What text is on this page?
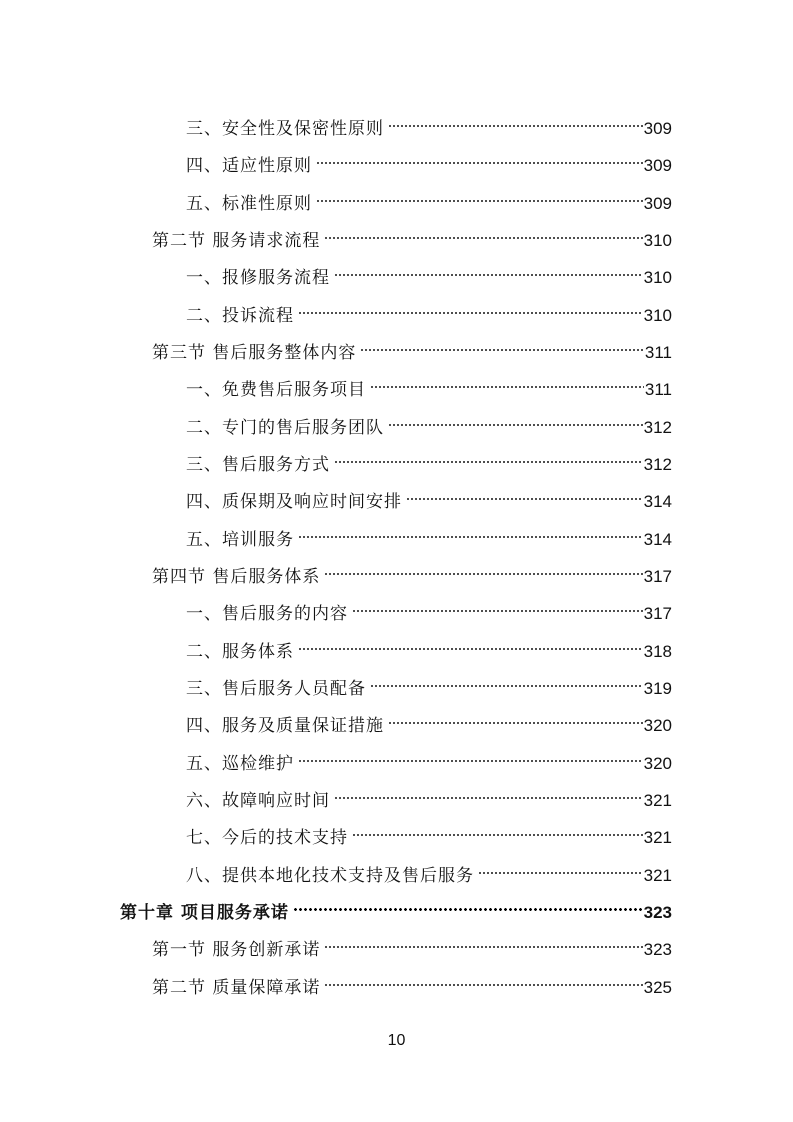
三、安全性及保密性原则	309
四、适应性原则	309
五、标准性原则	309
第二节 服务请求流程	310
一、报修服务流程	310
二、投诉流程	310
第三节 售后服务整体内容	311
一、免费售后服务项目	311
二、专门的售后服务团队	312
三、售后服务方式	312
四、质保期及响应时间安排	314
五、培训服务	314
第四节 售后服务体系	317
一、售后服务的内容	317
二、服务体系	318
三、售后服务人员配备	319
四、服务及质量保证措施	320
五、巡检维护	320
六、故障响应时间	321
七、今后的技术支持	321
八、提供本地化技术支持及售后服务	321
第十章 项目服务承诺	323
第一节 服务创新承诺	323
第二节 质量保障承诺	325
10
